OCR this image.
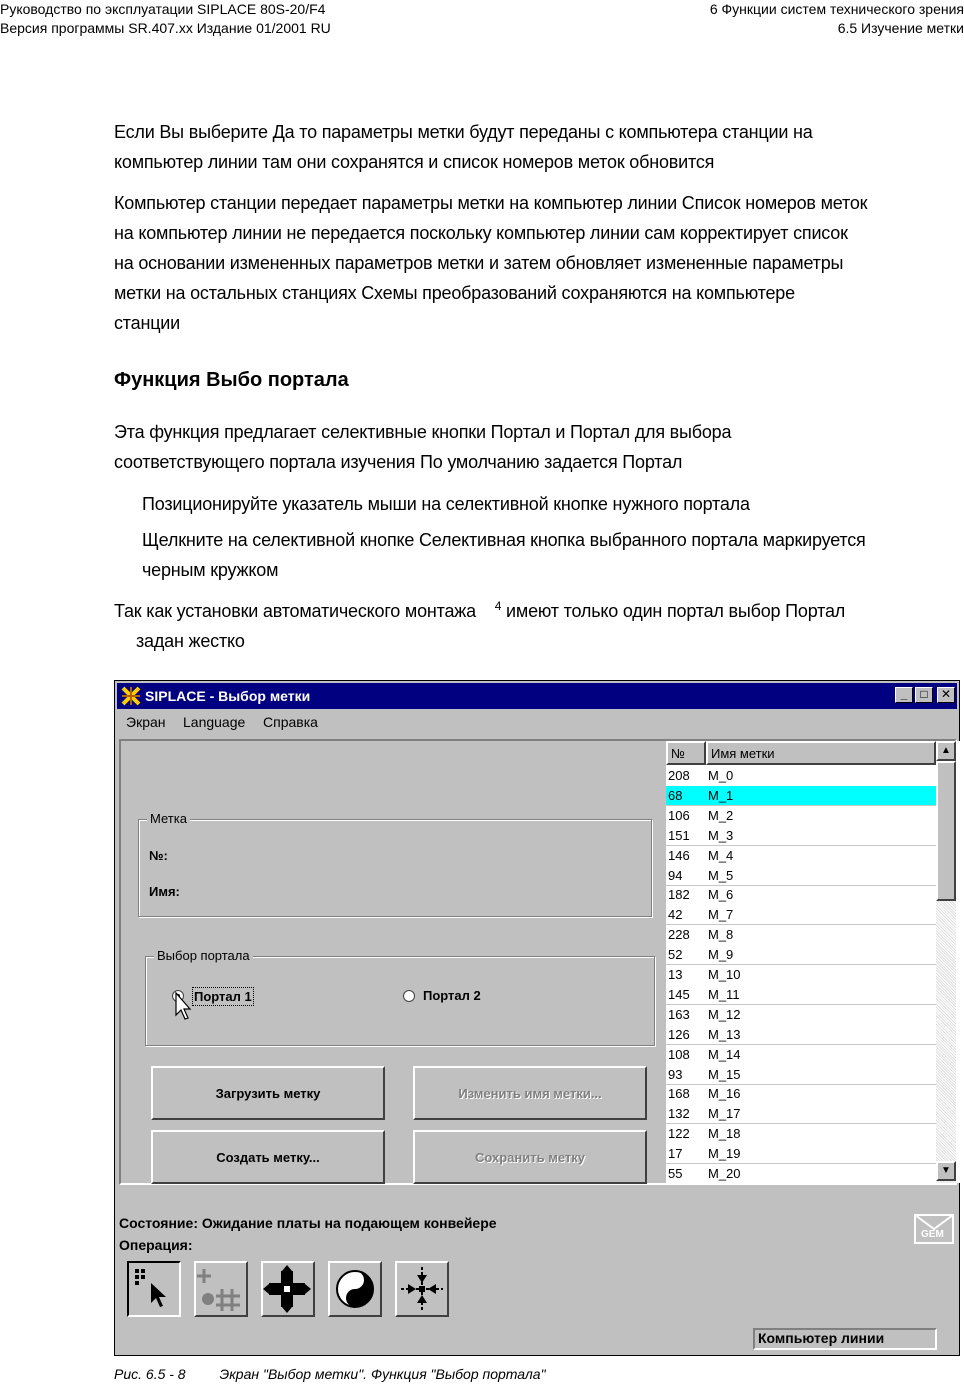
Руководство по эксплуатации SIPLACE 80S-20/F4
Версия программы SR.407.xx Издание 01/2001 RU
6 Функции систем технического зрения
6.5 Изучение метки
Если Вы выберите Да то параметры метки будут переданы с компьютера станции на
компьютер линии там они сохранятся и список номеров меток обновится
Компьютер станции передает параметры метки на компьютер линии Список номеров меток
на компьютер линии не передается поскольку компьютер линии сам корректирует список
на основании измененных параметров метки и затем обновляет измененные параметры
метки на остальных станциях Схемы преобразований сохраняются на компьютере
станции
Функция Выбо портала
Эта функция предлагает селективные кнопки Портал и Портал для выбора
соответствующего портала изучения По умолчанию задается Портал
Позиционируйте указатель мыши на селективной кнопке нужного портала
Щелкните на селективной кнопке Селективная кнопка выбранного портала маркируется
черным кружком
Так как установки автоматического монтажа $^4$ имеют только один портал выбор Портал
задан жестко
SIPLACE - Выбор метки	_	□	✕
Экран Language Справка
Метка
№:
Имя:
Выбор портала
Портал 1	Портал 2
Загрузить метку	Изменить имя метки...
Создать метку...	Сохранить метку
№ Имя метки
208 M_0
68 M_1
106 M_2
151 M_3
146 M_4
94 M_5
182 M_6
42 M_7
228 M_8
52 M_9
13 M_10
145 M_11
163 M_12
126 M_13
108 M_14
93 M_15
168 M_16
132 M_17
122 M_18
17 M_19
55 M_20
▲
▼
Состояние: Ожидание платы на подающем конвейере
Операция:
GEM
Компьютер линии
Рис. 6.5 - 8 Экран "Выбор метки". Функция "Выбор портала"
